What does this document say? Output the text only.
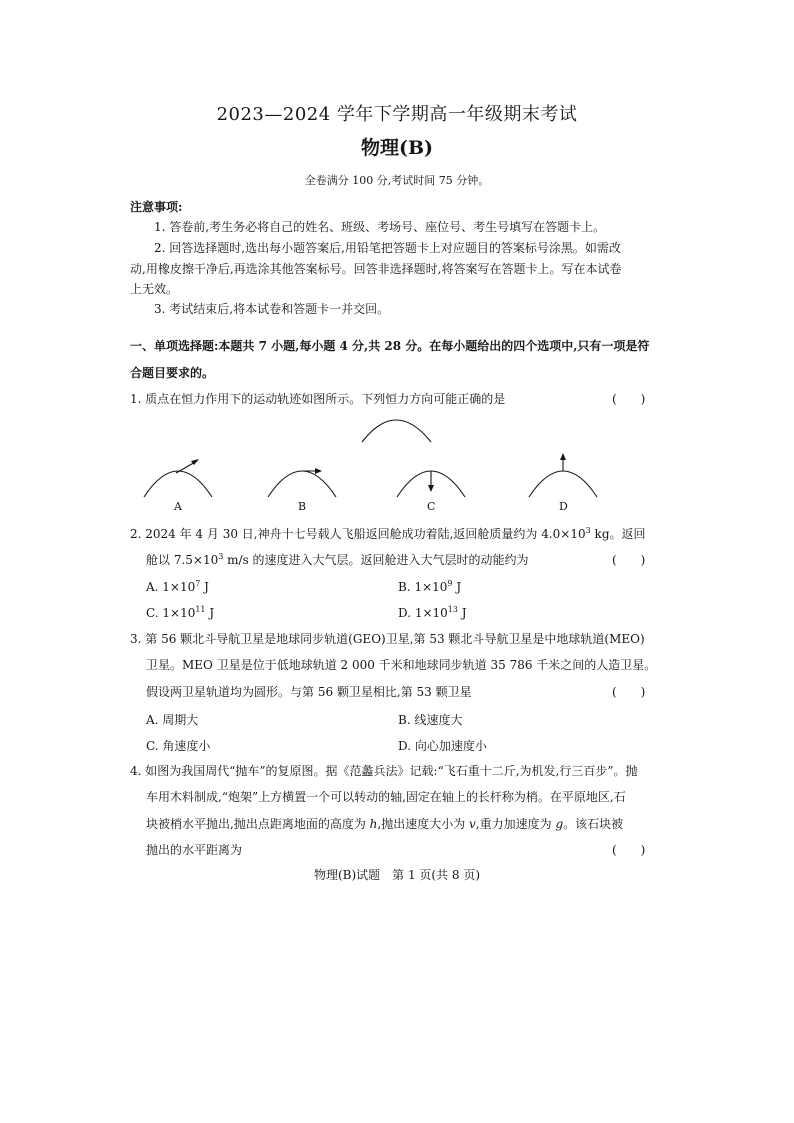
2023—2024 学年下学期高一年级期末考试
物理(B)
全卷满分 100 分,考试时间 75 分钟。
注意事项:
1. 答卷前,考生务必将自己的姓名、班级、考场号、座位号、考生号填写在答题卡上。
2. 回答选择题时,选出每小题答案后,用铅笔把答题卡上对应题目的答案标号涂黑。如需改
动,用橡皮擦干净后,再选涂其他答案标号。回答非选择题时,将答案写在答题卡上。写在本试卷
上无效。
3. 考试结束后,将本试卷和答题卡一并交回。
一、单项选择题:本题共 7 小题,每小题 4 分,共 28 分。在每小题给出的四个选项中,只有一项是符
合题目要求的。
1. 质点在恒力作用下的运动轨迹如图所示。下列恒力方向可能正确的是	(　　)
A	B	C	D
2. 2024 年 4 月 30 日,神舟十七号载人飞船返回舱成功着陆,返回舱质量约为 $4.0\times 10^3$ kg。返回
舱以 $7.5\times 10^3$ m/s 的速度进入大气层。返回舱进入大气层时的动能约为	(　　)
A. $1\times 10^7$ J	B. $1\times 10^9$ J
C. $1\times 10^{11}$ J	D. $1\times 10^{13}$ J
3. 第 56 颗北斗导航卫星是地球同步轨道(GEO)卫星,第 53 颗北斗导航卫星是中地球轨道(MEO)
卫星。MEO 卫星是位于低地球轨道 2 000 千米和地球同步轨道 35 786 千米之间的人造卫星。
假设两卫星轨道均为圆形。与第 56 颗卫星相比,第 53 颗卫星	(　　)
A. 周期大	B. 线速度大
C. 角速度小	D. 向心加速度小
4. 如图为我国周代“抛车”的复原图。据《范蠡兵法》记载:“飞石重十二斤,为机发,行三百步”。抛
车用木料制成,“炮架”上方横置一个可以转动的轴,固定在轴上的长杆称为梢。在平原地区,石
块被梢水平抛出,抛出点距离地面的高度为 h,抛出速度大小为 v,重力加速度为 g。该石块被
抛出的水平距离为	(　　)
物理(B)试题　第 1 页(共 8 页)
